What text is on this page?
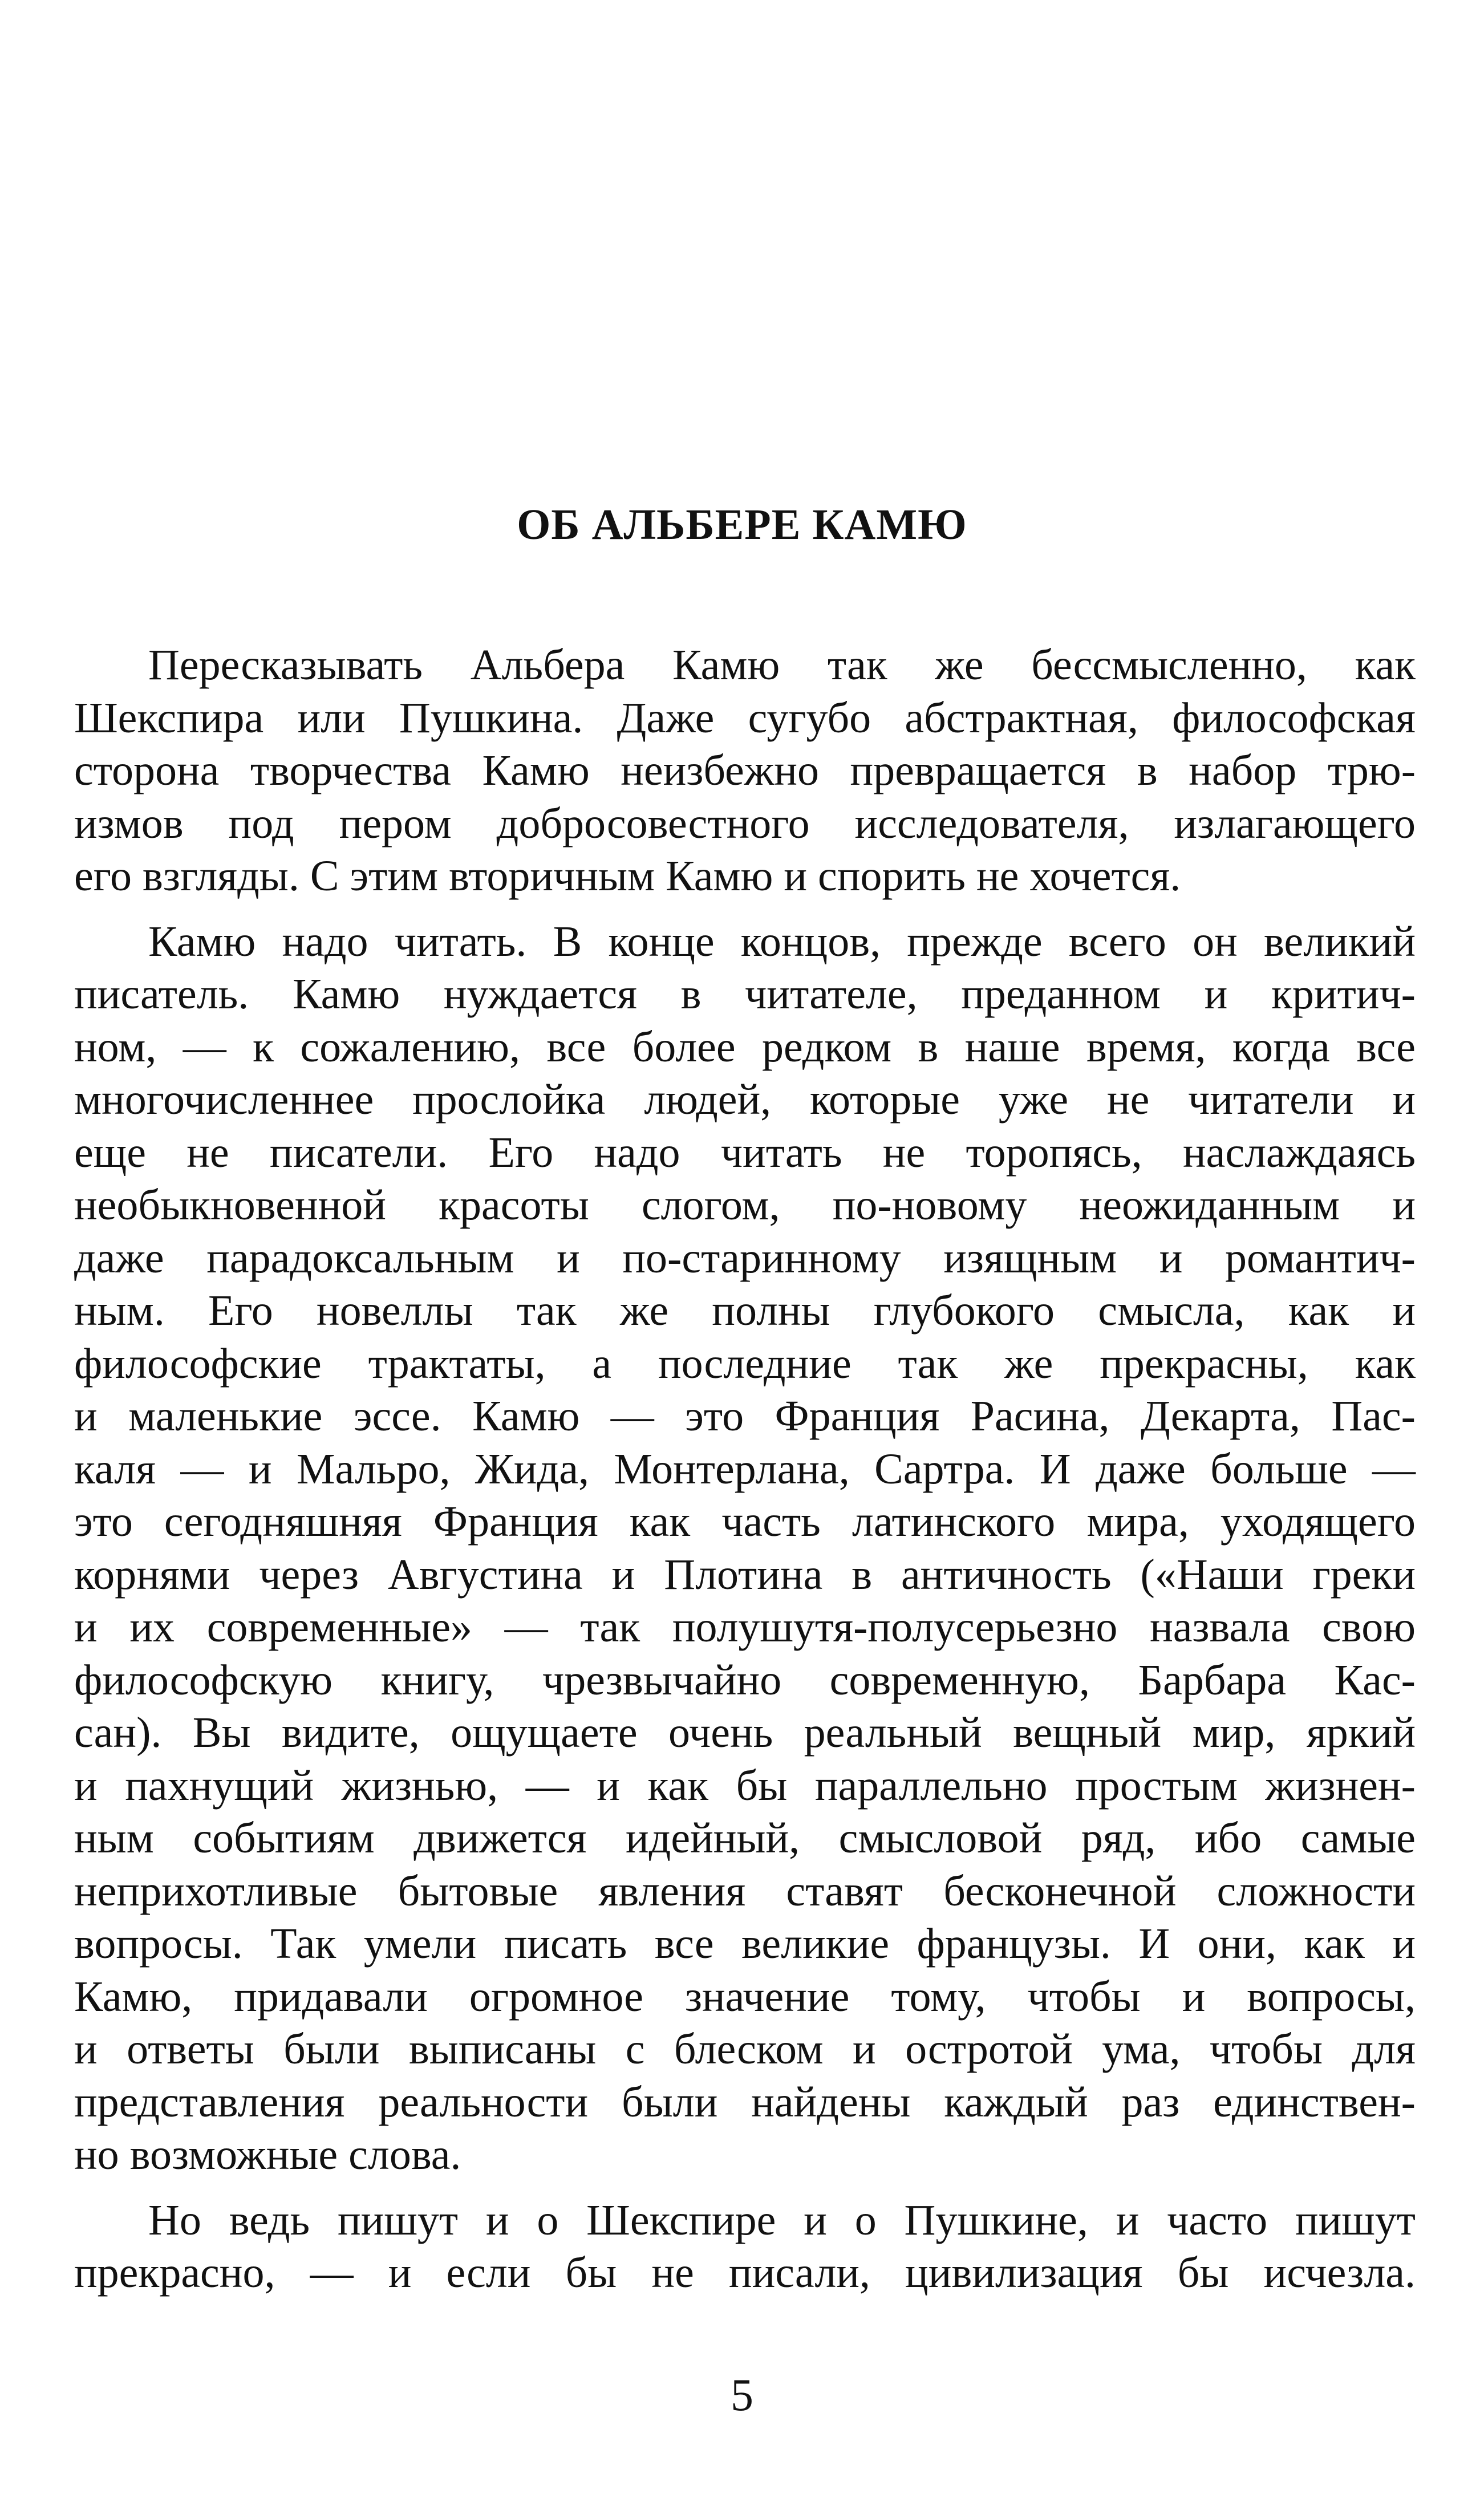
ОБ АЛЬБЕРЕ КАМЮ

Пересказывать Альбера Камю так же бессмысленно, как
Шекспира или Пушкина. Даже сугубо абстрактная, философская
сторона творчества Камю неизбежно превращается в набор трю-
измов под пером добросовестного исследователя, излагающего
его взгляды. С этим вторичным Камю и спорить не хочется.

Камю надо читать. В конце концов, прежде всего он великий
писатель. Камю нуждается в читателе, преданном и критич-
ном, — к сожалению, все более редком в наше время, когда все
многочисленнее прослойка людей, которые уже не читатели и
еще не писатели. Его надо читать не торопясь, наслаждаясь
необыкновенной красоты слогом, по-новому неожиданным и
даже парадоксальным и по-старинному изящным и романтич-
ным. Его новеллы так же полны глубокого смысла, как и
философские трактаты, а последние так же прекрасны, как
и маленькие эссе. Камю — это Франция Расина, Декарта, Пас-
каля — и Мальро, Жида, Монтерлана, Сартра. И даже больше —
это сегодняшняя Франция как часть латинского мира, уходящего
корнями через Августина и Плотина в античность («Наши греки
и их современные» — так полушутя-полусерьезно назвала свою
философскую книгу, чрезвычайно современную, Барбара Кас-
сан). Вы видите, ощущаете очень реальный вещный мир, яркий
и пахнущий жизнью, — и как бы параллельно простым жизнен-
ным событиям движется идейный, смысловой ряд, ибо самые
неприхотливые бытовые явления ставят бесконечной сложности
вопросы. Так умели писать все великие французы. И они, как и
Камю, придавали огромное значение тому, чтобы и вопросы,
и ответы были выписаны с блеском и остротой ума, чтобы для
представления реальности были найдены каждый раз единствен-
но возможные слова.

Но ведь пишут и о Шекспире и о Пушкине, и часто пишут
прекрасно, — и если бы не писали, цивилизация бы исчезла.

5
